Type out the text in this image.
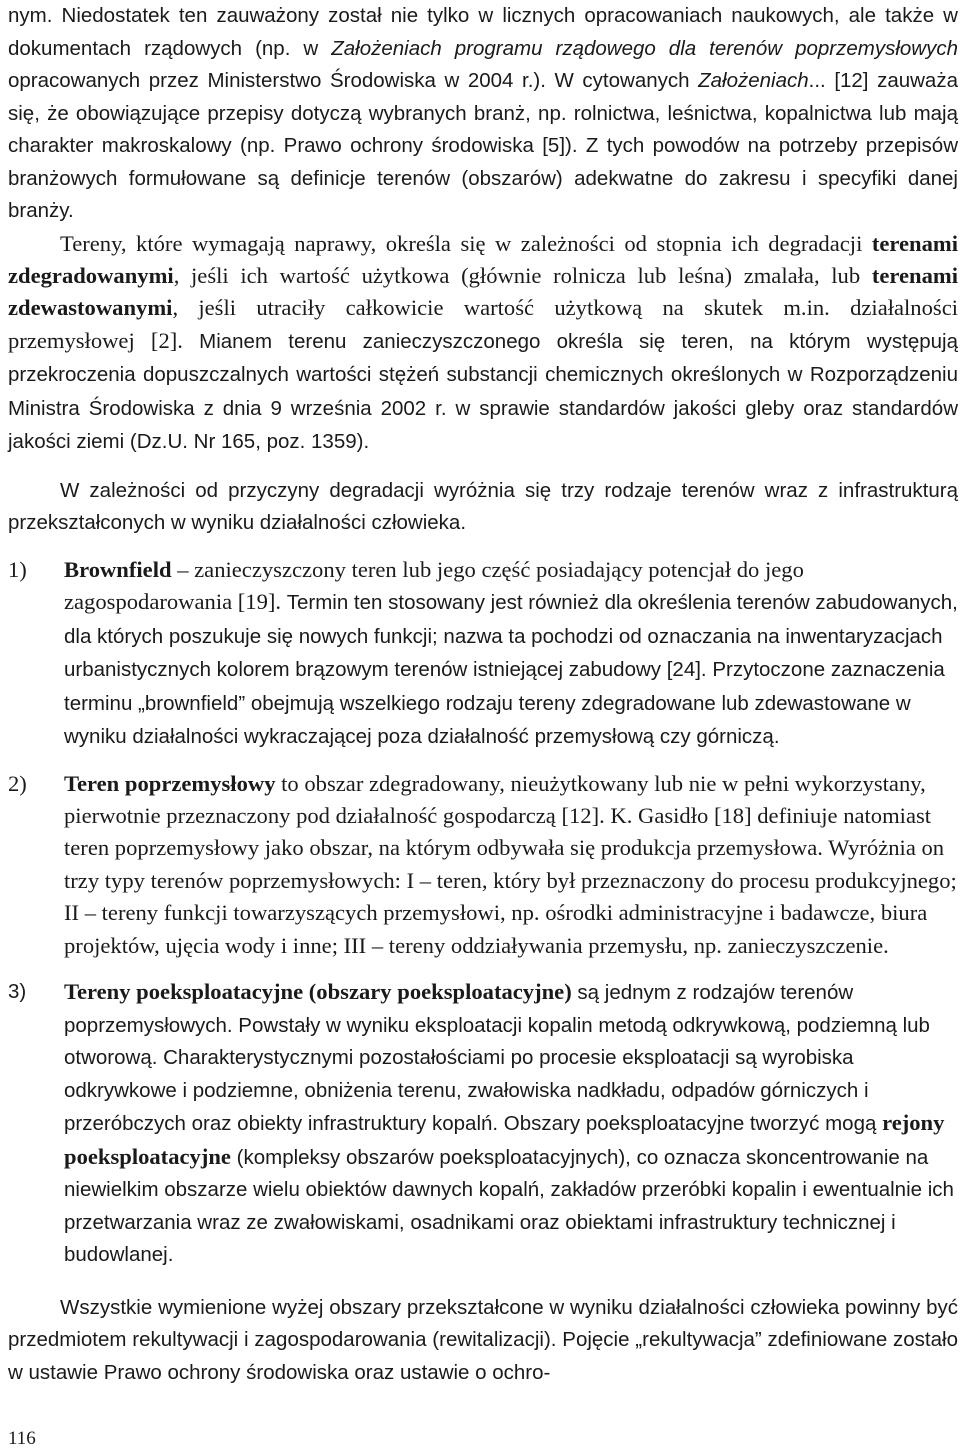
nym. Niedostatek ten zauważony został nie tylko w licznych opracowaniach naukowych, ale także w dokumentach rządowych (np. w Założeniach programu rządowego dla terenów poprzemysłowych opracowanych przez Ministerstwo Środowiska w 2004 r.). W cytowanych Założeniach... [12] zauważa się, że obowiązujące przepisy dotyczą wybranych branż, np. rolnictwa, leśnictwa, kopalnictwa lub mają charakter makroskalowy (np. Prawo ochrony środowiska [5]). Z tych powodów na potrzeby przepisów branżowych formułowane są definicje terenów (obszarów) adekwatne do zakresu i specyfiki danej branży.

Tereny, które wymagają naprawy, określa się w zależności od stopnia ich degradacji terenami zdegradowanymi, jeśli ich wartość użytkowa (głównie rolnicza lub leśna) zmalała, lub terenami zdewastowanymi, jeśli utraciły całkowicie wartość użytkową na skutek m.in. działalności przemysłowej [2]. Mianem terenu zanieczyszczonego określa się teren, na którym występują przekroczenia dopuszczalnych wartości stężeń substancji chemicznych określonych w Rozporządzeniu Ministra Środowiska z dnia 9 września 2002 r. w sprawie standardów jakości gleby oraz standardów jakości ziemi (Dz.U. Nr 165, poz. 1359).

W zależności od przyczyny degradacji wyróżnia się trzy rodzaje terenów wraz z infrastrukturą przekształconych w wyniku działalności człowieka.

1) Brownfield – zanieczyszczony teren lub jego część posiadający potencjał do jego zagospodarowania [19]. Termin ten stosowany jest również dla określenia terenów zabudowanych, dla których poszukuje się nowych funkcji; nazwa ta pochodzi od oznaczania na inwentaryzacjach urbanistycznych kolorem brązowym terenów istniejącej zabudowy [24]. Przytoczone zaznaczenia terminu „brownfield” obejmują wszelkiego rodzaju tereny zdegradowane lub zdewastowane w wyniku działalności wykraczającej poza działalność przemysłową czy górniczą.
2) Teren poprzemysłowy to obszar zdegradowany, nieużytkowany lub nie w pełni wykorzystany, pierwotnie przeznaczony pod działalność gospodarczą [12]. K. Gasidło [18] definiuje natomiast teren poprzemysłowy jako obszar, na którym odbywała się produkcja przemysłowa. Wyróżnia on trzy typy terenów poprzemysłowych: I – teren, który był przeznaczony do procesu produkcyjnego; II – tereny funkcji towarzyszących przemysłowi, np. ośrodki administracyjne i badawcze, biura projektów, ujęcia wody i inne; III – tereny oddziaływania przemysłu, np. zanieczyszczenie.
3) Tereny poeksploatacyjne (obszary poeksploatacyjne) są jednym z rodzajów terenów poprzemysłowych. Powstały w wyniku eksploatacji kopalin metodą odkrywkową, podziemną lub otworową. Charakterystycznymi pozostałościami po procesie eksploatacji są wyrobiska odkrywkowe i podziemne, obniżenia terenu, zwałowiska nadkładu, odpadów górniczych i przeróbczych oraz obiekty infrastruktury kopalń. Obszary poeksploatacyjne tworzyć mogą rejony poeksploatacyjne (kompleksy obszarów poeksploatacyjnych), co oznacza skoncentrowanie na niewielkim obszarze wielu obiektów dawnych kopalń, zakładów przeróbki kopalin i ewentualnie ich przetwarzania wraz ze zwałowiskami, osadnikami oraz obiektami infrastruktury technicznej i budowlanej.

Wszystkie wymienione wyżej obszary przekształcone w wyniku działalności człowieka powinny być przedmiotem rekultywacji i zagospodarowania (rewitalizacji). Pojęcie „rekultywacja” zdefiniowane zostało w ustawie Prawo ochrony środowiska oraz ustawie o ochro-

116
